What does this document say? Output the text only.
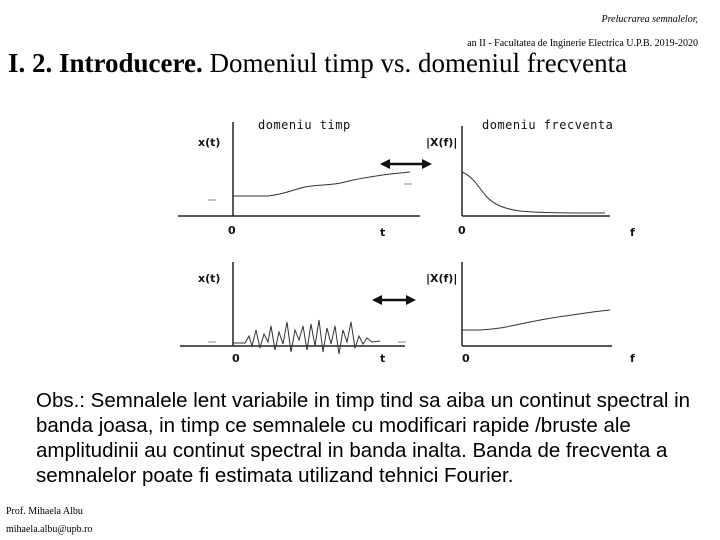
Prelucrarea semnalelor,
an II - Facultatea de Inginerie Electrica U.P.B. 2019-2020
I. 2. Introducere. Domeniul timp vs. domeniul frecventa
domeniu timp	domeniu frecventa
x(t)
0	t
|X(f)|
0	f
x(t)
0	t
|X(f)|
0	f
Obs.: Semnalele lent variabile in timp tind sa aiba un continut spectral in banda joasa, in timp ce semnalele cu modificari rapide /bruste ale amplitudinii au continut spectral in banda inalta. Banda de frecventa a semnalelor poate fi estimata utilizand tehnici Fourier.
Prof. Mihaela Albu
mihaela.albu@upb.ro
